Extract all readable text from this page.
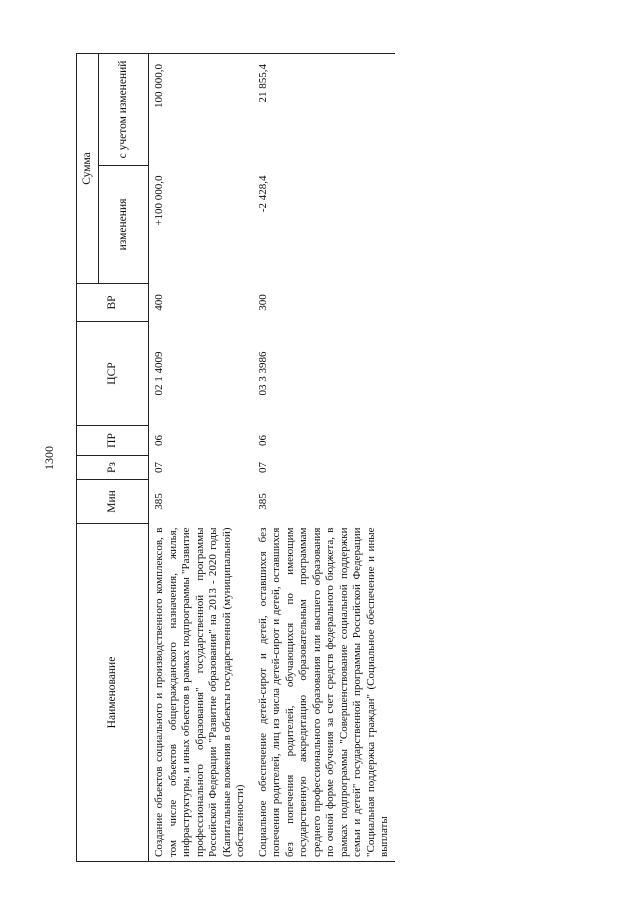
1300
Наименование	Мин	Рз	ПР	ЦСР	ВР	Сумма	
						изменения	с учетом изменений
Создание объектов социального и производственного комплексов, в том числе объектов общегражданского назначения, жилья, инфраструктуры, и иных объектов в рамках подпрограммы "Развитие профессионального образования" государственной программы Российской Федерации "Развитие образования" на 2013 - 2020 годы (Капитальные вложения в объекты государственной (муниципальной) собственности)	385	07	06	02 1 4009	400	+100 000,0	100 000,0
Социальное обеспечение детей-сирот и детей, оставшихся без попечения родителей, лиц из числа детей-сирот и детей, оставшихся без попечения родителей, обучающихся по имеющим государственную аккредитацию образовательным программам среднего профессионального образования или высшего образования по очной форме обучения за счет средств федерального бюджета, в рамках подпрограммы "Совершенствование социальной поддержки семьи и детей" государственной программы Российской Федерации "Социальная поддержка граждан" (Социальное обеспечение и иные выплаты	385	07	06	03 3 3986	300	-2 428,4	21 855,4
